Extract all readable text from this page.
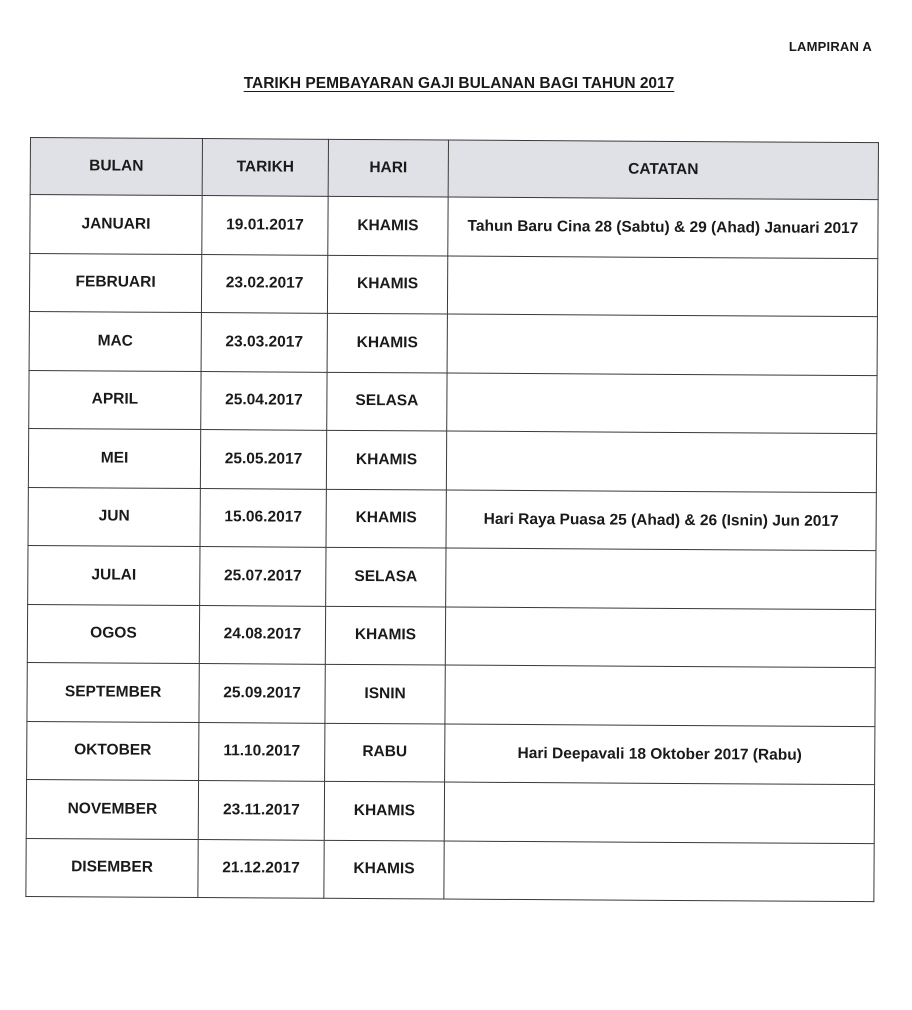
LAMPIRAN A
TARIKH PEMBAYARAN GAJI BULANAN BAGI TAHUN 2017
BULAN	TARIKH	HARI	CATATAN
JANUARI	19.01.2017	KHAMIS	Tahun Baru Cina 28 (Sabtu) & 29 (Ahad) Januari 2017
FEBRUARI	23.02.2017	KHAMIS	
MAC	23.03.2017	KHAMIS	
APRIL	25.04.2017	SELASA	
MEI	25.05.2017	KHAMIS	
JUN	15.06.2017	KHAMIS	Hari Raya Puasa 25 (Ahad) & 26 (Isnin) Jun 2017
JULAI	25.07.2017	SELASA	
OGOS	24.08.2017	KHAMIS	
SEPTEMBER	25.09.2017	ISNIN	
OKTOBER	11.10.2017	RABU	Hari Deepavali 18 Oktober 2017 (Rabu)
NOVEMBER	23.11.2017	KHAMIS	
DISEMBER	21.12.2017	KHAMIS	
